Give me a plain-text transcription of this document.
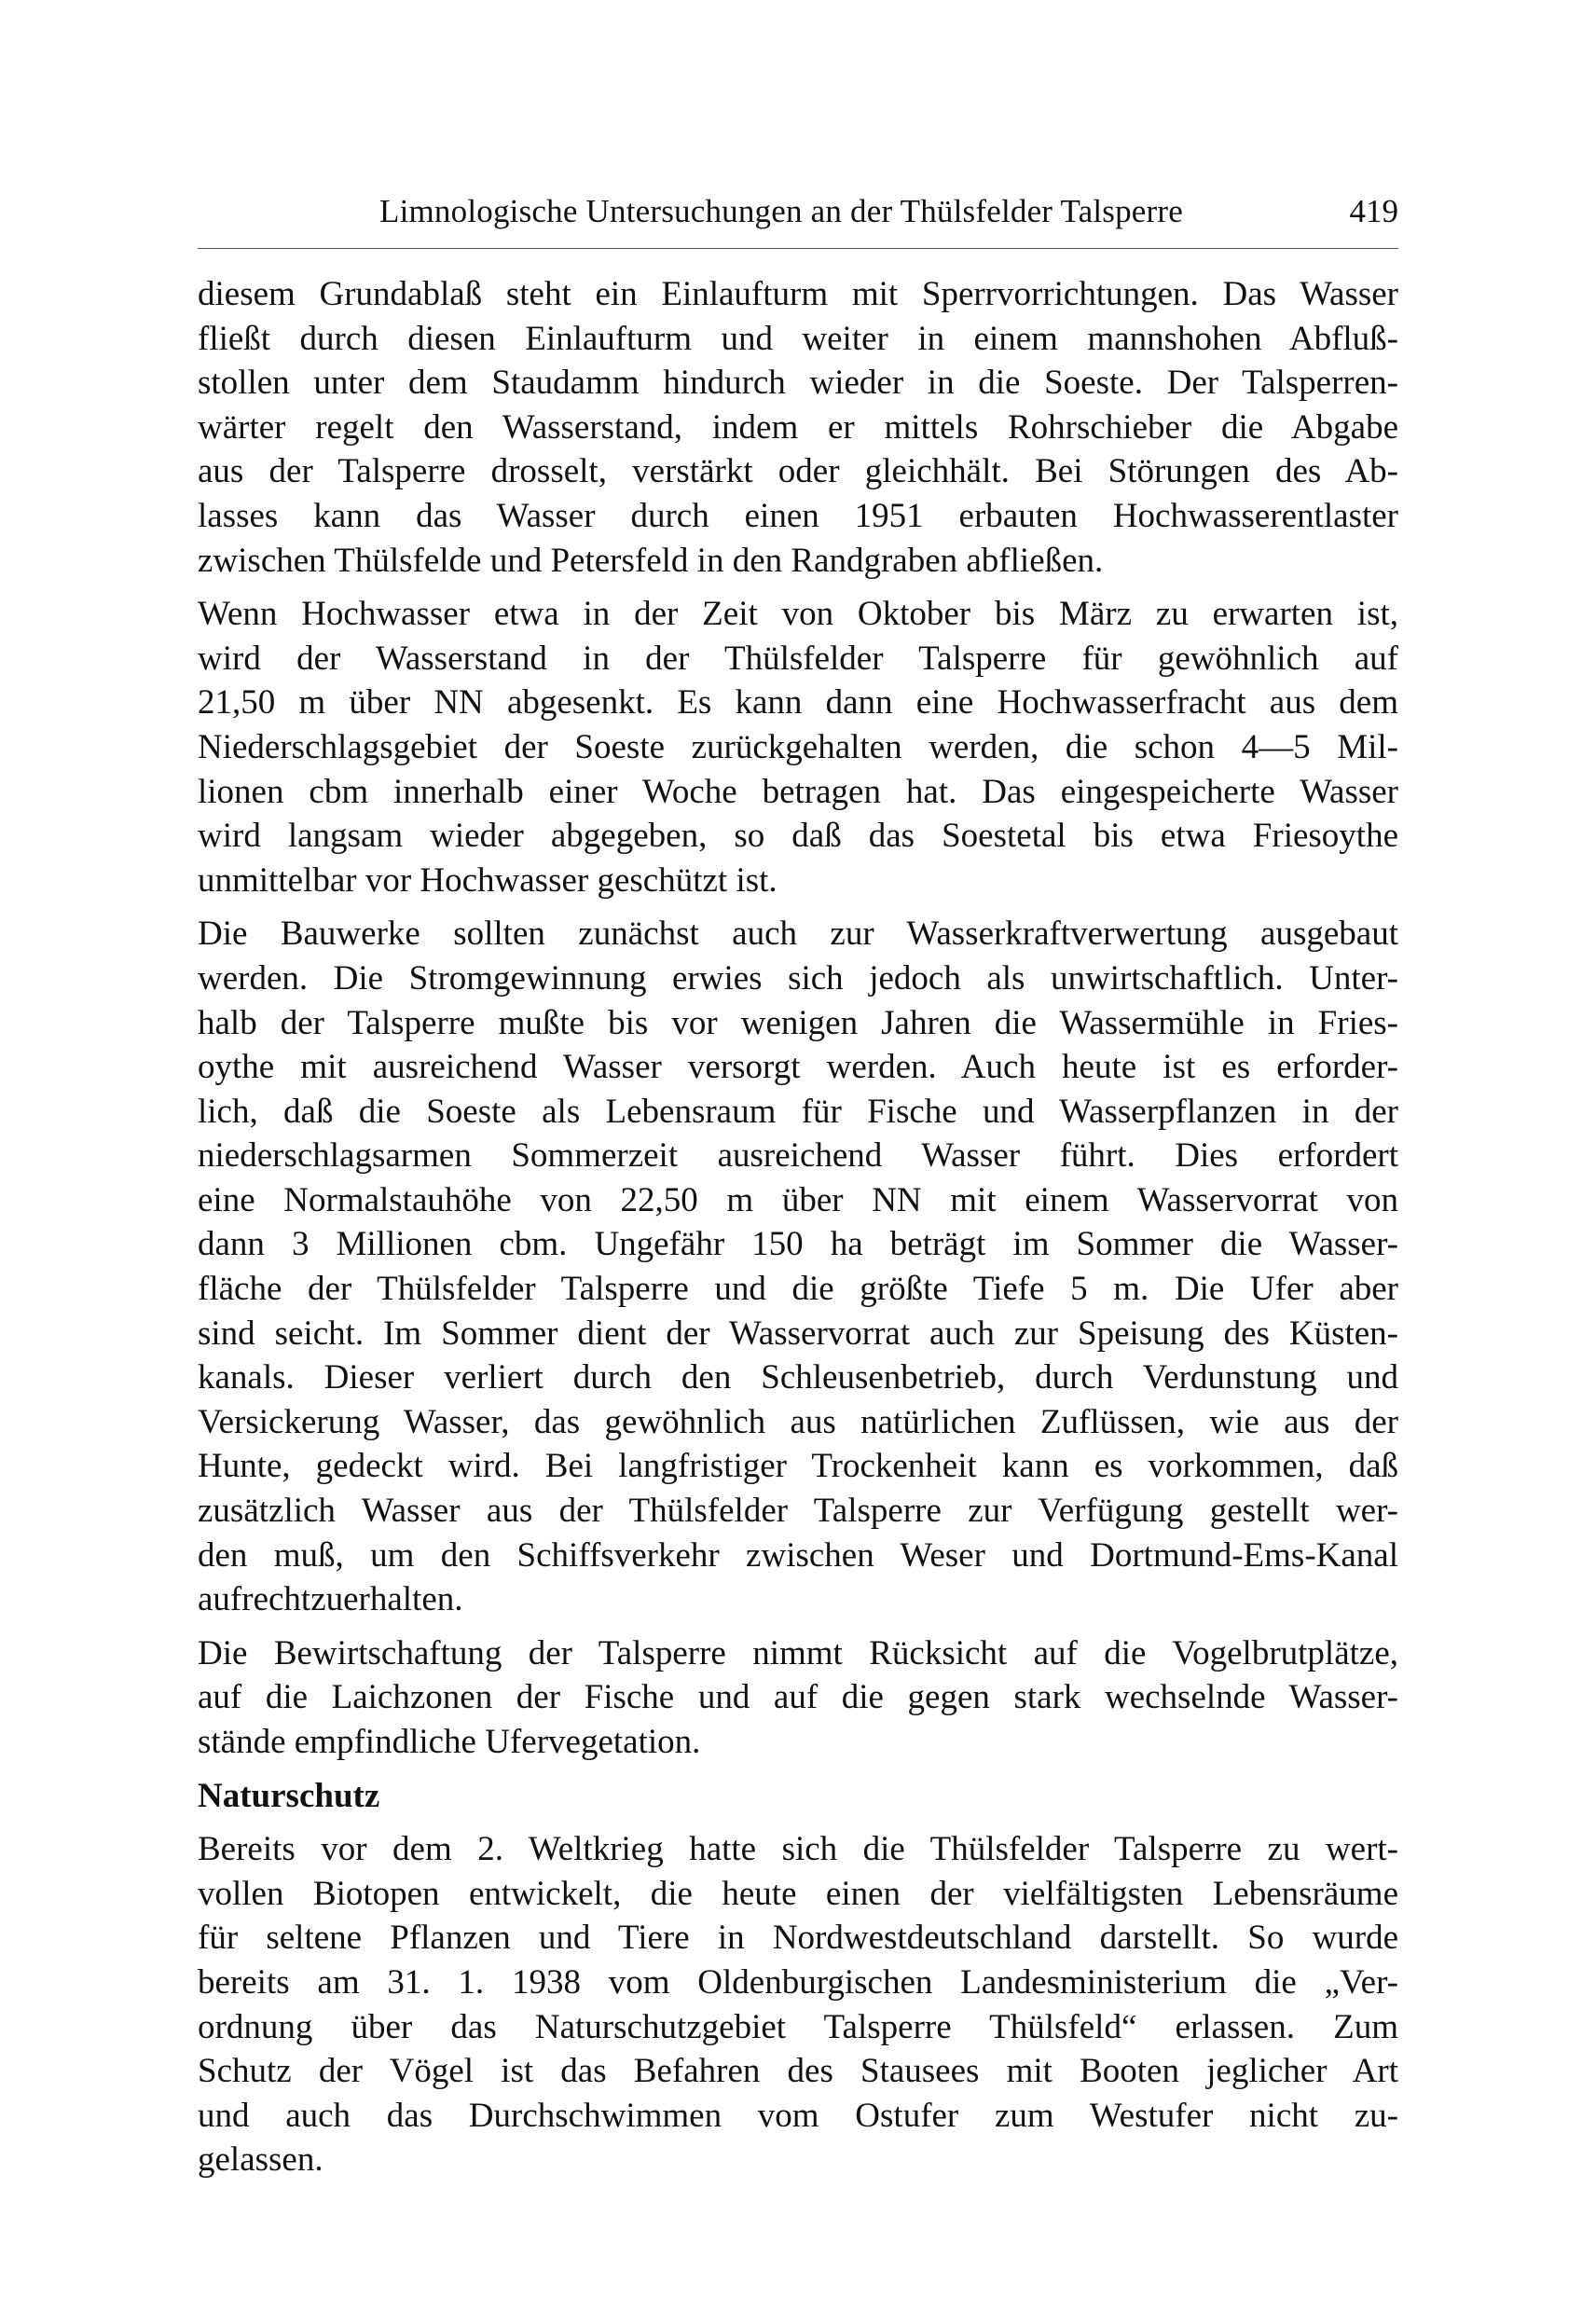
Limnologische Untersuchungen an der Thülsfelder Talsperre	419

diesem Grundablaß steht ein Einlaufturm mit Sperrvorrichtungen. Das Wasser
fließt durch diesen Einlaufturm und weiter in einem mannshohen Abfluß-
stollen unter dem Staudamm hindurch wieder in die Soeste. Der Talsperren-
wärter regelt den Wasserstand, indem er mittels Rohrschieber die Abgabe
aus der Talsperre drosselt, verstärkt oder gleichhält. Bei Störungen des Ab-
lasses kann das Wasser durch einen 1951 erbauten Hochwasserentlaster
zwischen Thülsfelde und Petersfeld in den Randgraben abfließen.

Wenn Hochwasser etwa in der Zeit von Oktober bis März zu erwarten ist,
wird der Wasserstand in der Thülsfelder Talsperre für gewöhnlich auf
21,50 m über NN abgesenkt. Es kann dann eine Hochwasserfracht aus dem
Niederschlagsgebiet der Soeste zurückgehalten werden, die schon 4—5 Mil-
lionen cbm innerhalb einer Woche betragen hat. Das eingespeicherte Wasser
wird langsam wieder abgegeben, so daß das Soestetal bis etwa Friesoythe
unmittelbar vor Hochwasser geschützt ist.

Die Bauwerke sollten zunächst auch zur Wasserkraftverwertung ausgebaut
werden. Die Stromgewinnung erwies sich jedoch als unwirtschaftlich. Unter-
halb der Talsperre mußte bis vor wenigen Jahren die Wassermühle in Fries-
oythe mit ausreichend Wasser versorgt werden. Auch heute ist es erforder-
lich, daß die Soeste als Lebensraum für Fische und Wasserpflanzen in der
niederschlagsarmen Sommerzeit ausreichend Wasser führt. Dies erfordert
eine Normalstauhöhe von 22,50 m über NN mit einem Wasservorrat von
dann 3 Millionen cbm. Ungefähr 150 ha beträgt im Sommer die Wasser-
fläche der Thülsfelder Talsperre und die größte Tiefe 5 m. Die Ufer aber
sind seicht. Im Sommer dient der Wasservorrat auch zur Speisung des Küsten-
kanals. Dieser verliert durch den Schleusenbetrieb, durch Verdunstung und
Versickerung Wasser, das gewöhnlich aus natürlichen Zuflüssen, wie aus der
Hunte, gedeckt wird. Bei langfristiger Trockenheit kann es vorkommen, daß
zusätzlich Wasser aus der Thülsfelder Talsperre zur Verfügung gestellt wer-
den muß, um den Schiffsverkehr zwischen Weser und Dortmund-Ems-Kanal
aufrechtzuerhalten.

Die Bewirtschaftung der Talsperre nimmt Rücksicht auf die Vogelbrutplätze,
auf die Laichzonen der Fische und auf die gegen stark wechselnde Wasser-
stände empfindliche Ufervegetation.

Naturschutz

Bereits vor dem 2. Weltkrieg hatte sich die Thülsfelder Talsperre zu wert-
vollen Biotopen entwickelt, die heute einen der vielfältigsten Lebensräume
für seltene Pflanzen und Tiere in Nordwestdeutschland darstellt. So wurde
bereits am 31. 1. 1938 vom Oldenburgischen Landesministerium die „Ver-
ordnung über das Naturschutzgebiet Talsperre Thülsfeld“ erlassen. Zum
Schutz der Vögel ist das Befahren des Stausees mit Booten jeglicher Art
und auch das Durchschwimmen vom Ostufer zum Westufer nicht zu-
gelassen.
